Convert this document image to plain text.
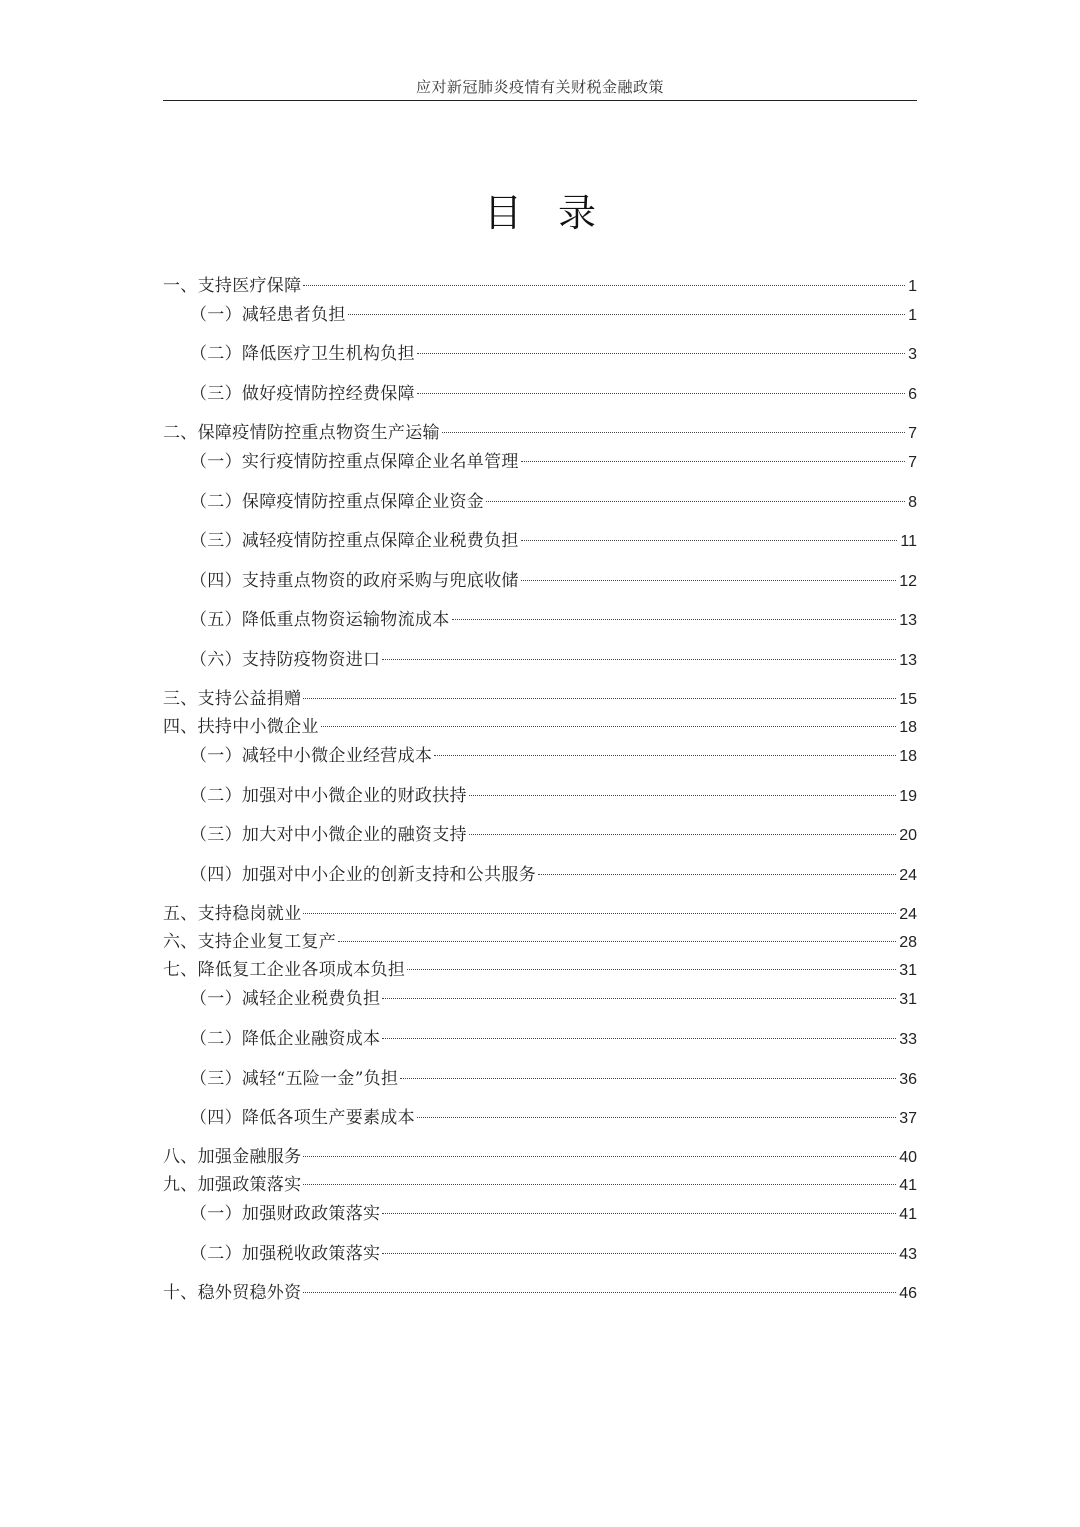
应对新冠肺炎疫情有关财税金融政策
目录
一、支持医疗保障	1
（一）减轻患者负担	1
（二）降低医疗卫生机构负担	3
（三）做好疫情防控经费保障	6
二、保障疫情防控重点物资生产运输	7
（一）实行疫情防控重点保障企业名单管理	7
（二）保障疫情防控重点保障企业资金	8
（三）减轻疫情防控重点保障企业税费负担	11
（四）支持重点物资的政府采购与兜底收储	12
（五）降低重点物资运输物流成本	13
（六）支持防疫物资进口	13
三、支持公益捐赠	15
四、扶持中小微企业	18
（一）减轻中小微企业经营成本	18
（二）加强对中小微企业的财政扶持	19
（三）加大对中小微企业的融资支持	20
（四）加强对中小企业的创新支持和公共服务	24
五、支持稳岗就业	24
六、支持企业复工复产	28
七、降低复工企业各项成本负担	31
（一）减轻企业税费负担	31
（二）降低企业融资成本	33
（三）减轻“五险一金”负担	36
（四）降低各项生产要素成本	37
八、加强金融服务	40
九、加强政策落实	41
（一）加强财政政策落实	41
（二）加强税收政策落实	43
十、稳外贸稳外资	46
